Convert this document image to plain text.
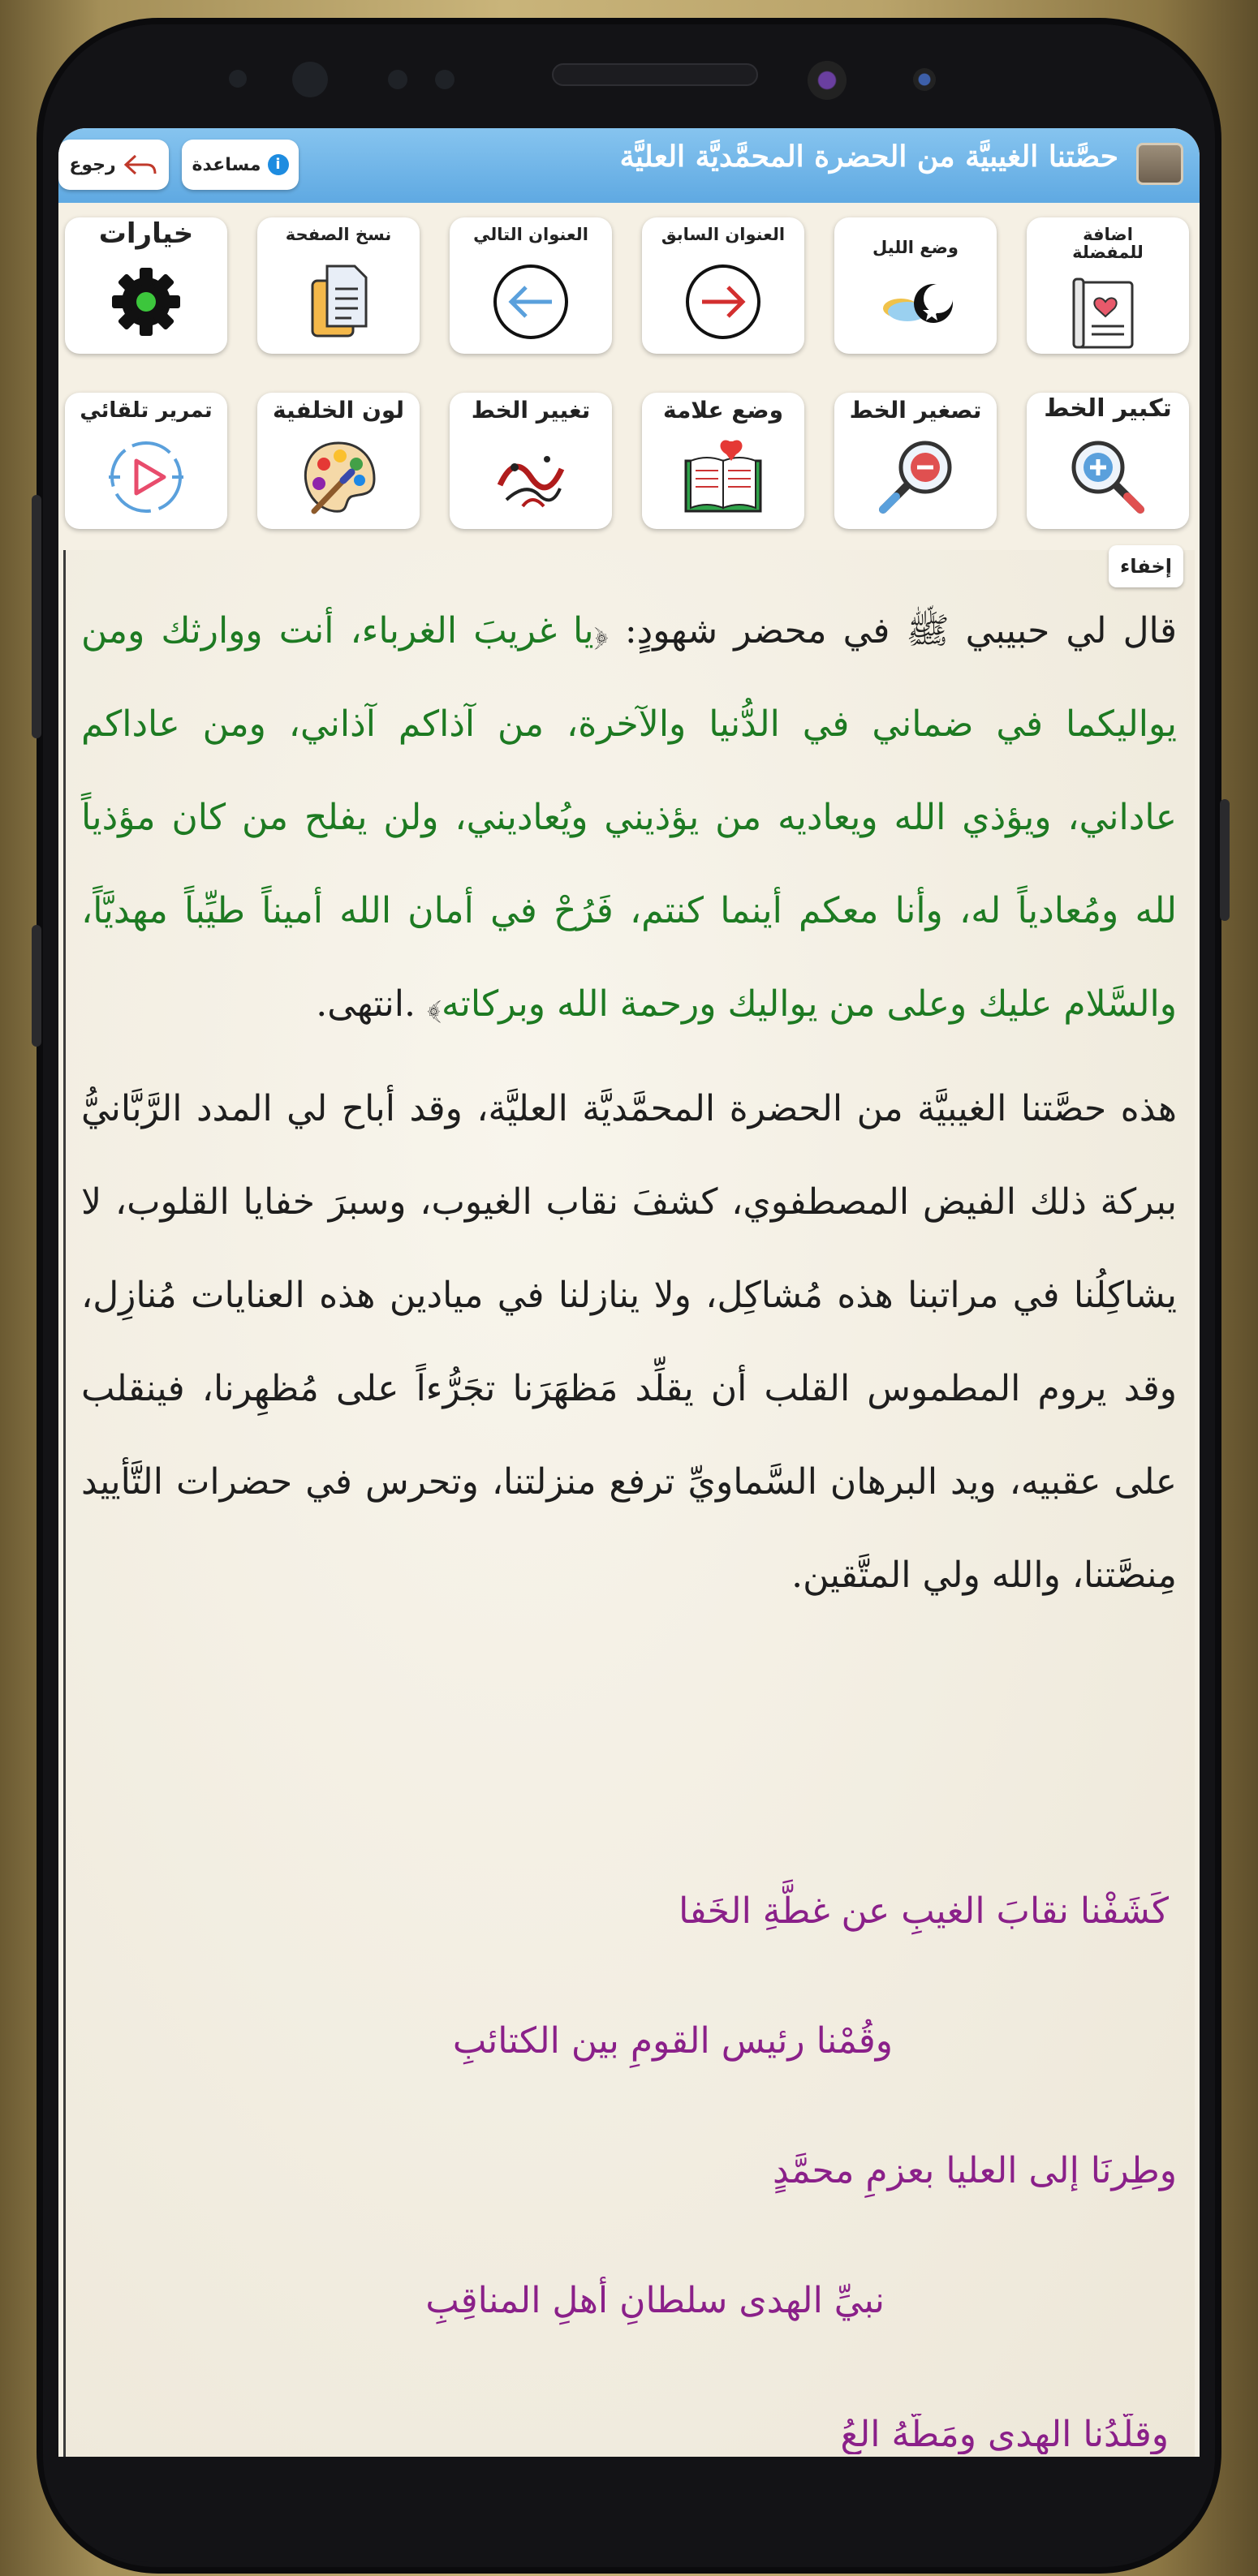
حصَّتنا الغيبيَّة من الحضرة المحمَّديَّة العليَّة
مساعدة i
رجوع
اضافة للمفضلة
وضع الليل
العنوان السابق
العنوان التالي
نسخ الصفحة
خيارات
تكبير الخط
تصغير الخط
وضع علامة
تغيير الخط
لون الخلفية
تمرير تلقائي
إخفاء

قال لي حبيبي ﷺ في محضر شهودٍ: ﴿يا غريبَ الغرباء، أنت ووارثك ومن يواليكما في ضماني في الدُّنيا والآخرة، من آذاكم آذاني، ومن عاداكم عاداني، ويؤذي الله ويعاديه من يؤذيني ويُعاديني، ولن يفلح من كان مؤذياً لله ومُعادياً له، وأنا معكم أينما كنتم، فَرُحْ في أمان الله أميناً طيِّباً مهديَّاً، والسَّلام عليك وعلى من يواليك ورحمة الله وبركاته﴾ .انتهى.

هذه حصَّتنا الغيبيَّة من الحضرة المحمَّديَّة العليَّة، وقد أباح لي المدد الرَّبَّانيُّ ببركة ذلك الفيض المصطفوي، كشفَ نقاب الغيوب، وسبرَ خفايا القلوب، لا يشاكِلُنا في مراتبنا هذه مُشاكِل، ولا ينازلنا في ميادين هذه العنايات مُنازِل، وقد يروم المطموس القلب أن يقلِّد مَظهَرَنا تجَرُّءاً على مُظهِرنا، فينقلب على عقبيه، ويد البرهان السَّماويِّ ترفع منزلتنا، وتحرس في حضرات التَّأييد مِنصَّتنا، والله ولي المتَّقين.

كَشَفْنا نقابَ الغيبِ عن غطَّةِ الخَفا
وقُمْنا رئيس القومِ بين الكتائبِ
وطِرنَا إلى العليا بعزمِ محمَّدٍ
نبيِّ الهدى سلطانِ أهلِ المناقِبِ
وقلَّدُنا الهدى ومَطَّهُ العُ
